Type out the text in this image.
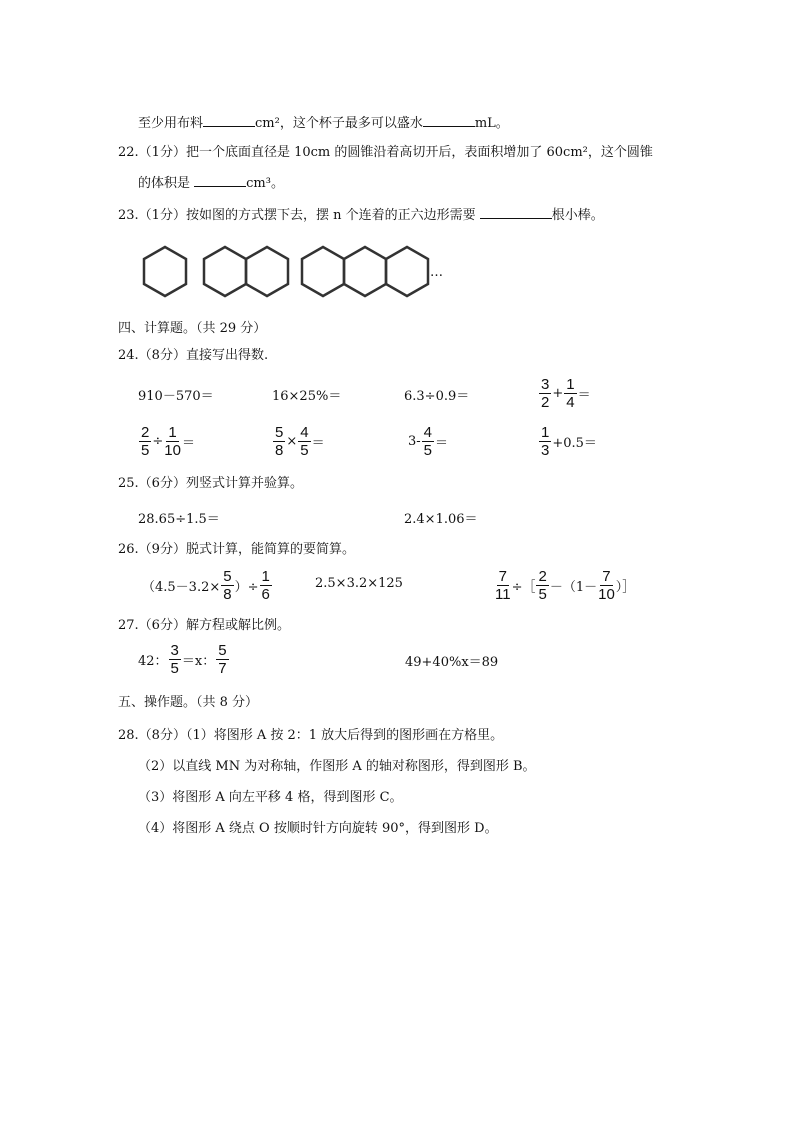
至少用布料	cm²，这个杯子最多可以盛水	mL。
22.（1分）把一个底面直径是 10cm 的圆锥沿着高切开后，表面积增加了 60cm²，这个圆锥
的体积是	cm³。
23.（1分）按如图的方式摆下去，摆 n 个连着的正六边形需要	根小棒。
…
四、计算题。（共 29 分）
24.（8分）直接写出得数.
910－570＝	16×25%＝	6.3÷0.9＝	$\frac{3}{2} + \frac{1}{4}$ ＝
$\frac{2}{5} \div \frac{1}{10}$ ＝	$\frac{5}{8} \times \frac{4}{5}$ ＝	$3- \frac{4}{5}$ ＝	$\frac{1}{3} +0.5=$
25.（6分）列竖式计算并验算。
28.65÷1.5＝	2.4×1.06＝
26.（9分）脱式计算，能简算的要简算。
（$4.5-3.2\times \frac{5}{8}$ ）÷ $\frac{1}{6}$	2.5×3.2×125	$\frac{7}{11}$ ÷［ $\frac{2}{5} -(1- \frac{7}{10}$ ）］
27.（6分）解方程或解比例。
42： $\frac{3}{5} =x$： $\frac{5}{7}$	49+40%x＝89
五、操作题。（共 8 分）
28.（8分）（1）将图形 A 按 2：1 放大后得到的图形画在方格里。
（2）以直线 MN 为对称轴，作图形 A 的轴对称图形，得到图形 B。
（3）将图形 A 向左平移 4 格，得到图形 C。
（4）将图形 A 绕点 O 按顺时针方向旋转 90°，得到图形 D。
